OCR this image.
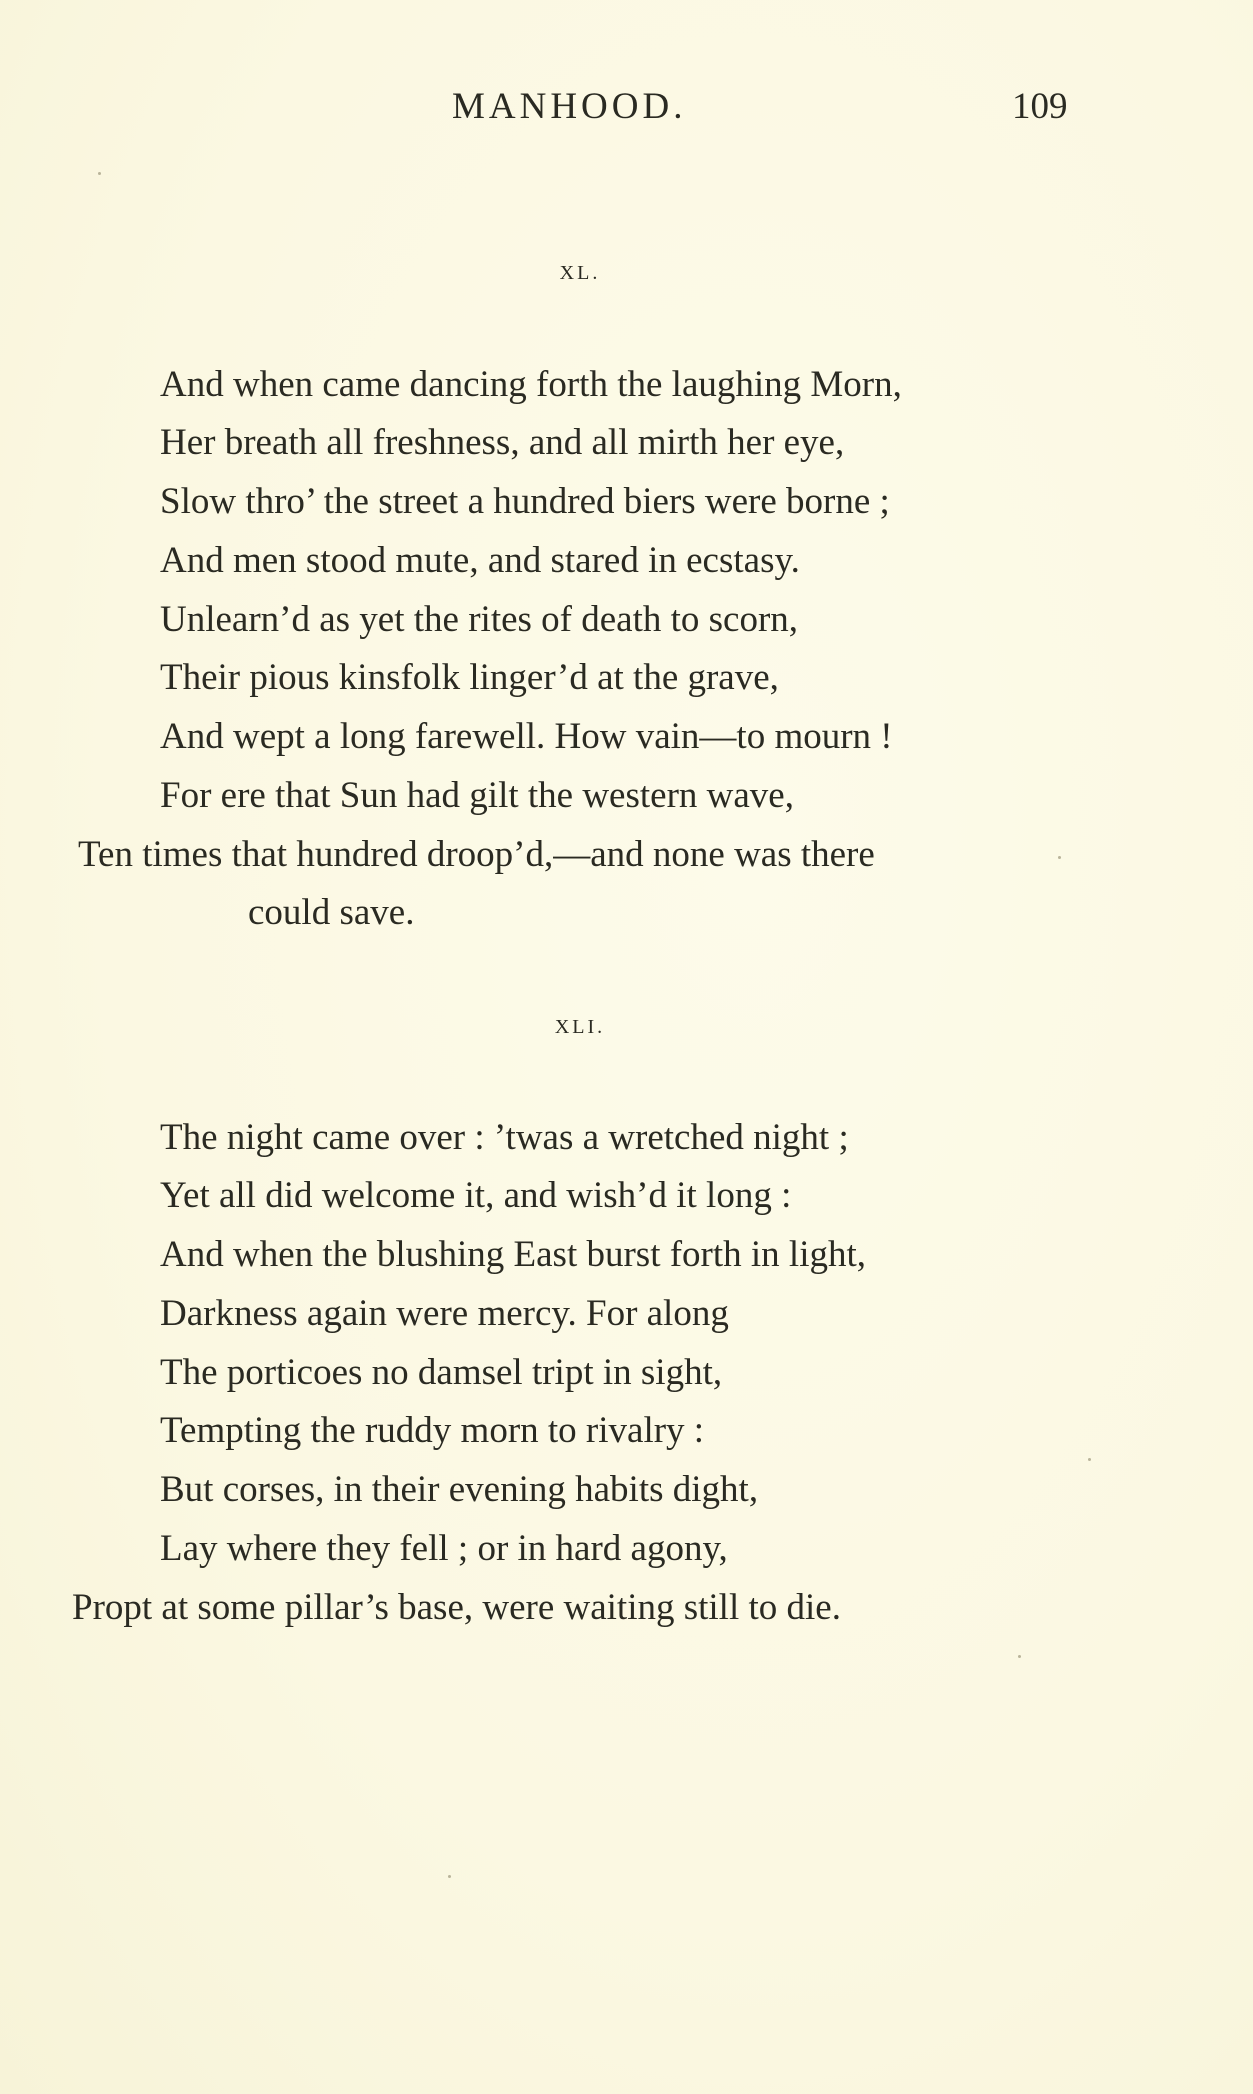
MANHOOD.	109
XL.
And when came dancing forth the laughing Morn,
Her breath all freshness, and all mirth her eye,
Slow thro’ the street a hundred biers were borne ;
And men stood mute, and stared in ecstasy.
Unlearn’d as yet the rites of death to scorn,
Their pious kinsfolk linger’d at the grave,
And wept a long farewell. How vain—to mourn !
For ere that Sun had gilt the western wave,
Ten times that hundred droop’d,—and none was there
could save.
XLI.
The night came over : ’twas a wretched night ;
Yet all did welcome it, and wish’d it long :
And when the blushing East burst forth in light,
Darkness again were mercy. For along
The porticoes no damsel tript in sight,
Tempting the ruddy morn to rivalry :
But corses, in their evening habits dight,
Lay where they fell ; or in hard agony,
Propt at some pillar’s base, were waiting still to die.
